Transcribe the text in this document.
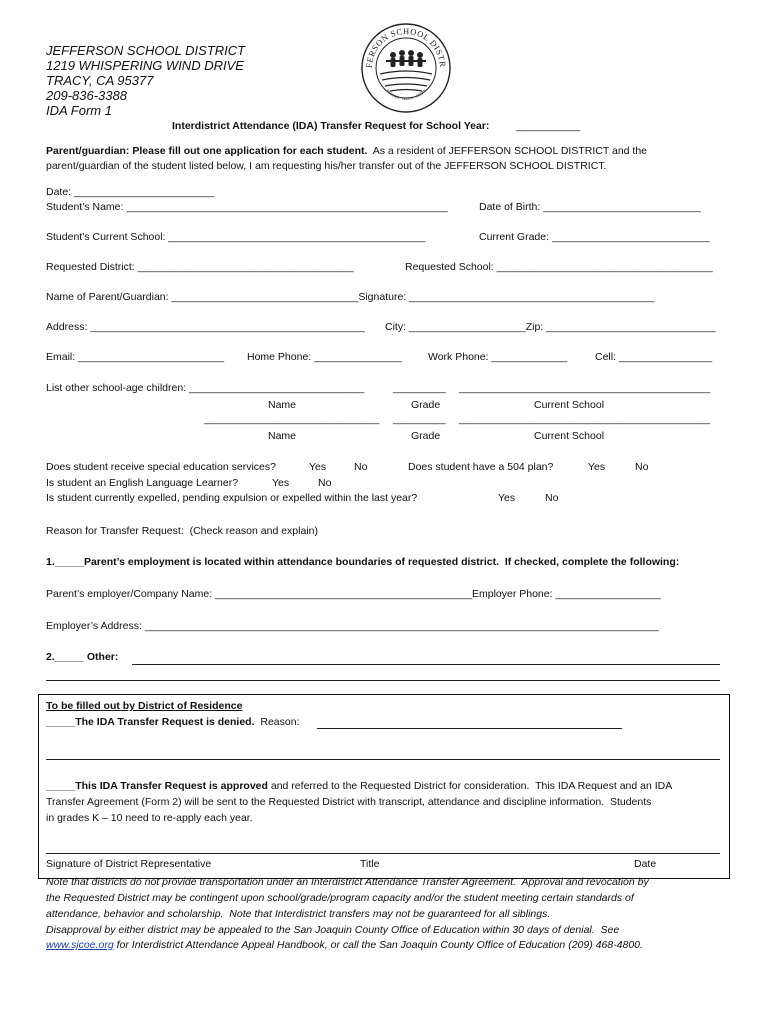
JEFFERSON SCHOOL DISTRICT
1219 WHISPERING WIND DRIVE
TRACY, CA 95377
209-836-3388
IDA Form 1
FERSON SCHOOL DISTR
BELONG · LEARN · GROW
Interdistrict Attendance (IDA) Transfer Request for School Year:	___________
Parent/guardian: Please fill out one application for each student. As a resident of JEFFERSON SCHOOL DISTRICT and the
parent/guardian of the student listed below, I am requesting his/her transfer out of the JEFFERSON SCHOOL DISTRICT.
Date: ________________________
Student’s Name: _______________________________________________________	Date of Birth: ___________________________
Student’s Current School: ____________________________________________	Current Grade: ___________________________
Requested District: _____________________________________	Requested School: _____________________________________
Name of Parent/Guardian: ________________________________Signature: __________________________________________
Address: _______________________________________________ City: ____________________Zip: _____________________________
Email: _________________________ Home Phone: _______________	Work Phone: _____________	Cell: ________________
List other school-age children: ______________________________	_________ ___________________________________________
Name	Grade	Current School
______________________________ _________ ___________________________________________
Name	Grade	Current School
Does student receive special education services?	Yes	No	Does student have a 504 plan?	Yes	No
Is student an English Language Learner?	Yes	No
Is student currently expelled, pending expulsion or expelled within the last year?	Yes	No
Reason for Transfer Request:  (Check reason and explain)
1._____Parent’s employment is located within attendance boundaries of requested district.  If checked, complete the following:
Parent’s employer/Company Name: ____________________________________________Employer Phone: __________________
Employer’s Address: ________________________________________________________________________________________
2._____ Other:
To be filled out by District of Residence
_____The IDA Transfer Request is denied. Reason:
_____This IDA Transfer Request is approved and referred to the Requested District for consideration.  This IDA Request and an IDA
Transfer Agreement (Form 2) will be sent to the Requested District with transcript, attendance and discipline information.  Students
in grades K – 10 need to re-apply each year.
Signature of District Representative	Title	Date
Note that districts do not provide transportation under an Interdistrict Attendance Transfer Agreement.  Approval and revocation by
the Requested District may be contingent upon school/grade/program capacity and/or the student meeting certain standards of
attendance, behavior and scholarship.  Note that Interdistrict transfers may not be guaranteed for all siblings.
Disapproval by either district may be appealed to the San Joaquin County Office of Education within 30 days of denial.  See
www.sjcoe.org for Interdistrict Attendance Appeal Handbook, or call the San Joaquin County Office of Education (209) 468-4800.
